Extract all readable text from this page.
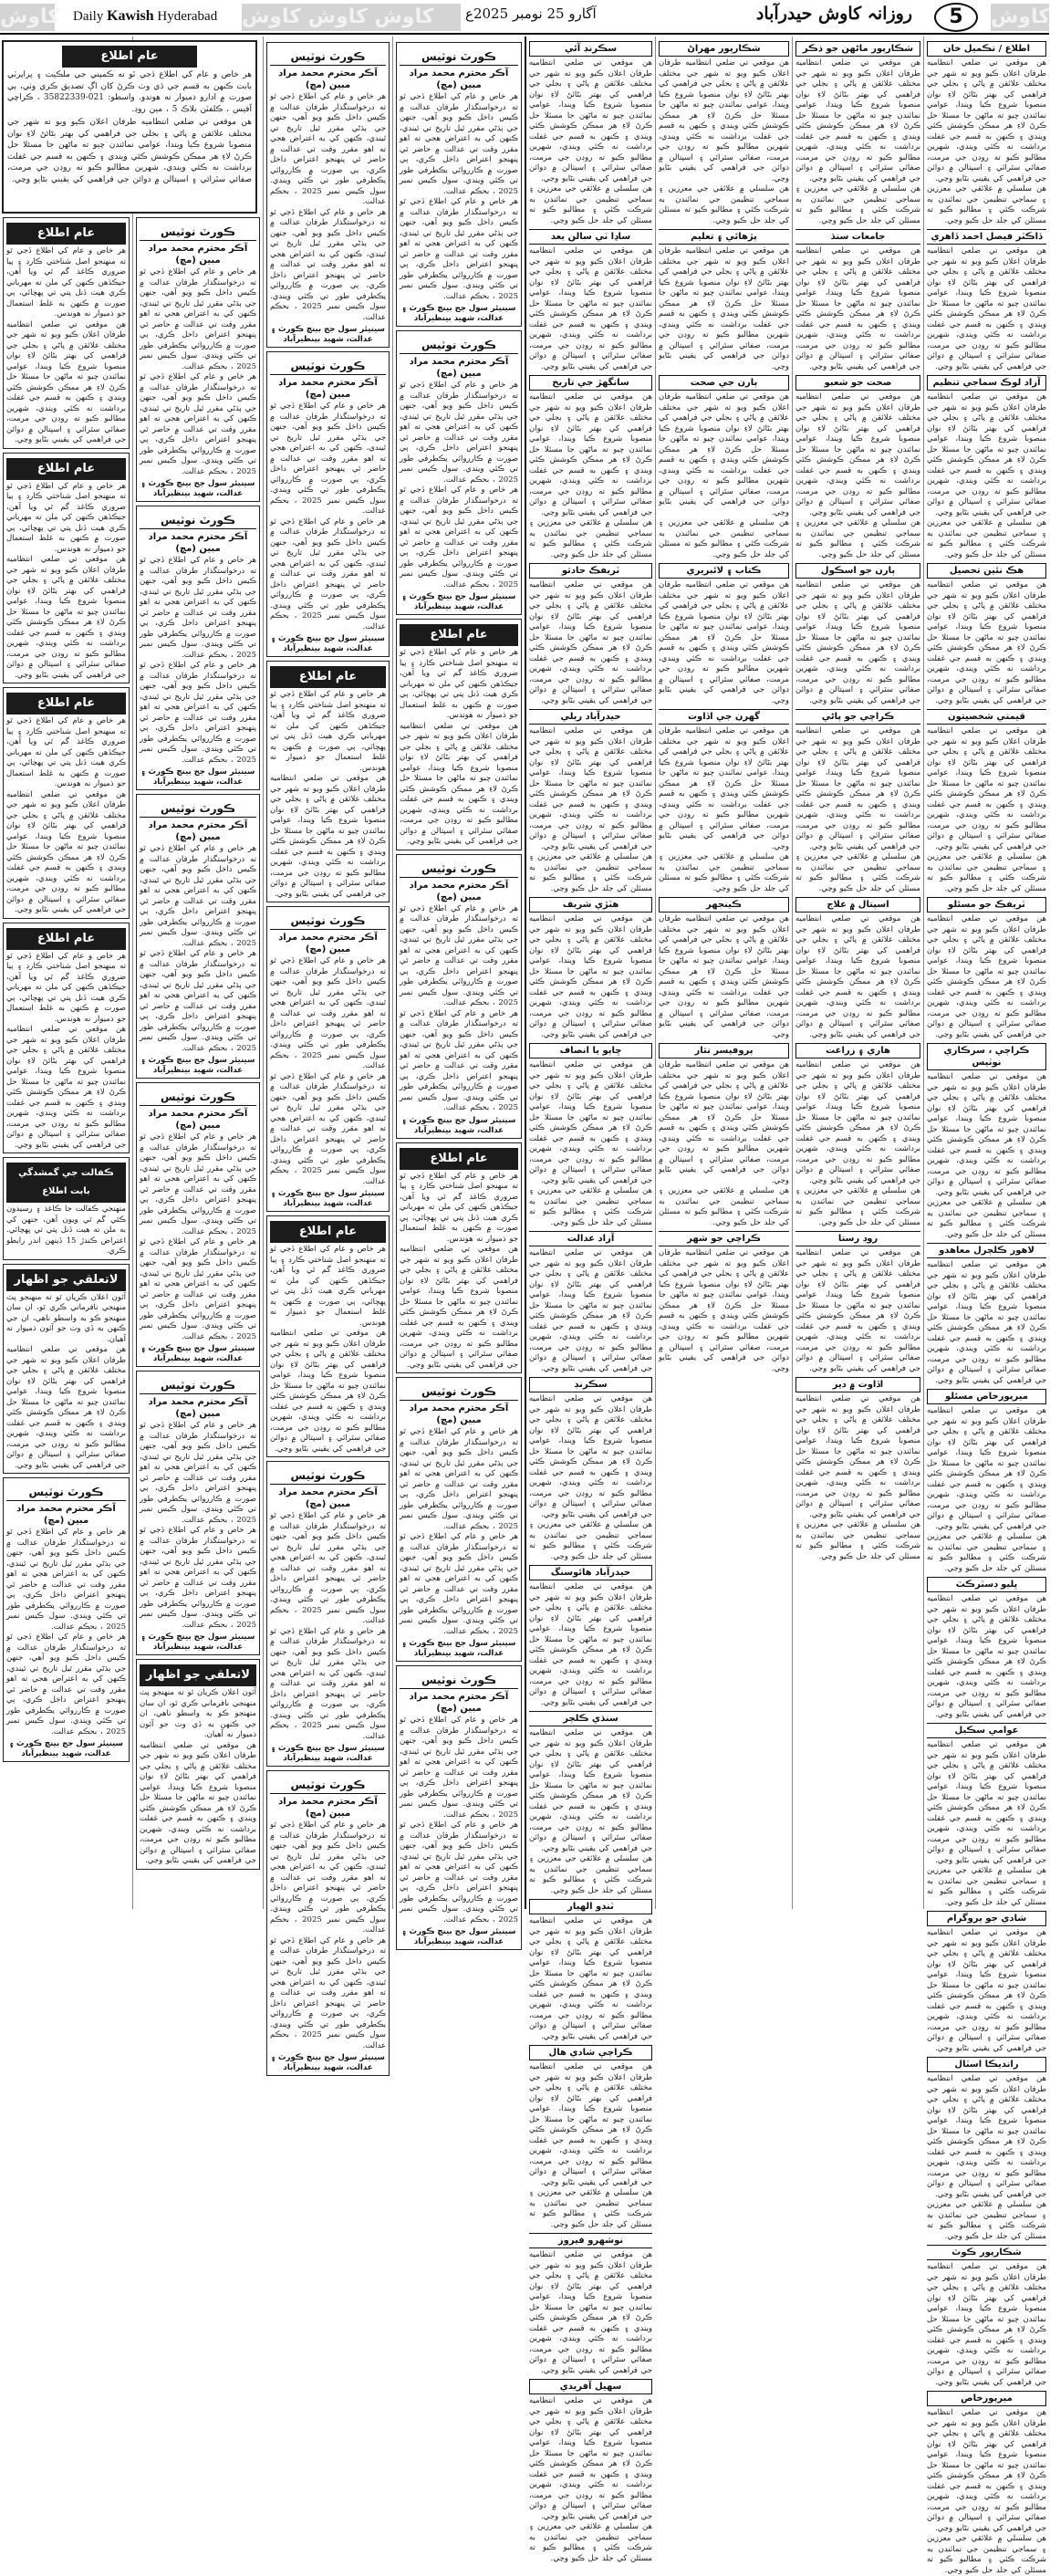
کاوش Daily Kawish Hyderabad	کاوش کاوش کاوش	آگارو 25 نومبر 2025ع	روزانہ کاوش حیدرآباد	5	کاوش
اطلاع / تڪميل خان
هن موقعي تي ضلعي انتظاميه طرفان اعلان ڪيو ويو ته شهر جي مختلف علائقن ۾ پاڻي ۽ بجلي جي فراهمي کي بهتر بڻائڻ لاءِ نوان منصوبا شروع ڪيا ويندا، عوامي نمائندن چيو ته ماڻهن جا مسئلا حل ڪرڻ لاءِ هر ممڪن ڪوشش ڪئي ويندي ۽ ڪنهن به قسم جي غفلت برداشت نه ڪئي ويندي، شهرين مطالبو ڪيو ته روڊن جي مرمت، صفائي سٿرائي ۽ اسپتالن ۾ دوائن جي فراهمي کي يقيني بڻايو وڃي.
هن سلسلي ۾ علائقي جي معززين ۽ سماجي تنظيمن جي نمائندن به شرڪت ڪئي ۽ مطالبو ڪيو ته مسئلن کي جلد حل ڪيو وڃي.
ڏاڪٽر فيصل احمد ڏاهري
هن موقعي تي ضلعي انتظاميه طرفان اعلان ڪيو ويو ته شهر جي مختلف علائقن ۾ پاڻي ۽ بجلي جي فراهمي کي بهتر بڻائڻ لاءِ نوان منصوبا شروع ڪيا ويندا، عوامي نمائندن چيو ته ماڻهن جا مسئلا حل ڪرڻ لاءِ هر ممڪن ڪوشش ڪئي ويندي ۽ ڪنهن به قسم جي غفلت برداشت نه ڪئي ويندي، شهرين مطالبو ڪيو ته روڊن جي مرمت، صفائي سٿرائي ۽ اسپتالن ۾ دوائن جي فراهمي کي يقيني بڻايو وڃي.
آزاد لوڪ سماجي تنظيم
هن موقعي تي ضلعي انتظاميه طرفان اعلان ڪيو ويو ته شهر جي مختلف علائقن ۾ پاڻي ۽ بجلي جي فراهمي کي بهتر بڻائڻ لاءِ نوان منصوبا شروع ڪيا ويندا، عوامي نمائندن چيو ته ماڻهن جا مسئلا حل ڪرڻ لاءِ هر ممڪن ڪوشش ڪئي ويندي ۽ ڪنهن به قسم جي غفلت برداشت نه ڪئي ويندي، شهرين مطالبو ڪيو ته روڊن جي مرمت، صفائي سٿرائي ۽ اسپتالن ۾ دوائن جي فراهمي کي يقيني بڻايو وڃي.
هن سلسلي ۾ علائقي جي معززين ۽ سماجي تنظيمن جي نمائندن به شرڪت ڪئي ۽ مطالبو ڪيو ته مسئلن کي جلد حل ڪيو وڃي.
هڪ نئين تحصيل
هن موقعي تي ضلعي انتظاميه طرفان اعلان ڪيو ويو ته شهر جي مختلف علائقن ۾ پاڻي ۽ بجلي جي فراهمي کي بهتر بڻائڻ لاءِ نوان منصوبا شروع ڪيا ويندا، عوامي نمائندن چيو ته ماڻهن جا مسئلا حل ڪرڻ لاءِ هر ممڪن ڪوشش ڪئي ويندي ۽ ڪنهن به قسم جي غفلت برداشت نه ڪئي ويندي، شهرين مطالبو ڪيو ته روڊن جي مرمت، صفائي سٿرائي ۽ اسپتالن ۾ دوائن جي فراهمي کي يقيني بڻايو وڃي.
قيمتي شخصيتون
هن موقعي تي ضلعي انتظاميه طرفان اعلان ڪيو ويو ته شهر جي مختلف علائقن ۾ پاڻي ۽ بجلي جي فراهمي کي بهتر بڻائڻ لاءِ نوان منصوبا شروع ڪيا ويندا، عوامي نمائندن چيو ته ماڻهن جا مسئلا حل ڪرڻ لاءِ هر ممڪن ڪوشش ڪئي ويندي ۽ ڪنهن به قسم جي غفلت برداشت نه ڪئي ويندي، شهرين مطالبو ڪيو ته روڊن جي مرمت، صفائي سٿرائي ۽ اسپتالن ۾ دوائن جي فراهمي کي يقيني بڻايو وڃي.
هن سلسلي ۾ علائقي جي معززين ۽ سماجي تنظيمن جي نمائندن به شرڪت ڪئي ۽ مطالبو ڪيو ته مسئلن کي جلد حل ڪيو وڃي.
ٽريفڪ جو مسئلو
هن موقعي تي ضلعي انتظاميه طرفان اعلان ڪيو ويو ته شهر جي مختلف علائقن ۾ پاڻي ۽ بجلي جي فراهمي کي بهتر بڻائڻ لاءِ نوان منصوبا شروع ڪيا ويندا، عوامي نمائندن چيو ته ماڻهن جا مسئلا حل ڪرڻ لاءِ هر ممڪن ڪوشش ڪئي ويندي ۽ ڪنهن به قسم جي غفلت برداشت نه ڪئي ويندي، شهرين مطالبو ڪيو ته روڊن جي مرمت، صفائي سٿرائي ۽ اسپتالن ۾ دوائن جي فراهمي کي يقيني بڻايو وڃي.
ڪراچي ، سرڪاري نوٽيس
هن موقعي تي ضلعي انتظاميه طرفان اعلان ڪيو ويو ته شهر جي مختلف علائقن ۾ پاڻي ۽ بجلي جي فراهمي کي بهتر بڻائڻ لاءِ نوان منصوبا شروع ڪيا ويندا، عوامي نمائندن چيو ته ماڻهن جا مسئلا حل ڪرڻ لاءِ هر ممڪن ڪوشش ڪئي ويندي ۽ ڪنهن به قسم جي غفلت برداشت نه ڪئي ويندي، شهرين مطالبو ڪيو ته روڊن جي مرمت، صفائي سٿرائي ۽ اسپتالن ۾ دوائن جي فراهمي کي يقيني بڻايو وڃي.
هن سلسلي ۾ علائقي جي معززين ۽ سماجي تنظيمن جي نمائندن به شرڪت ڪئي ۽ مطالبو ڪيو ته مسئلن کي جلد حل ڪيو وڃي.
لاهور ڪلچرل معاهدو
هن موقعي تي ضلعي انتظاميه طرفان اعلان ڪيو ويو ته شهر جي مختلف علائقن ۾ پاڻي ۽ بجلي جي فراهمي کي بهتر بڻائڻ لاءِ نوان منصوبا شروع ڪيا ويندا، عوامي نمائندن چيو ته ماڻهن جا مسئلا حل ڪرڻ لاءِ هر ممڪن ڪوشش ڪئي ويندي ۽ ڪنهن به قسم جي غفلت برداشت نه ڪئي ويندي، شهرين مطالبو ڪيو ته روڊن جي مرمت، صفائي سٿرائي ۽ اسپتالن ۾ دوائن جي فراهمي کي يقيني بڻايو وڃي.
ميرپورخاص مسئلو
هن موقعي تي ضلعي انتظاميه طرفان اعلان ڪيو ويو ته شهر جي مختلف علائقن ۾ پاڻي ۽ بجلي جي فراهمي کي بهتر بڻائڻ لاءِ نوان منصوبا شروع ڪيا ويندا، عوامي نمائندن چيو ته ماڻهن جا مسئلا حل ڪرڻ لاءِ هر ممڪن ڪوشش ڪئي ويندي ۽ ڪنهن به قسم جي غفلت برداشت نه ڪئي ويندي، شهرين مطالبو ڪيو ته روڊن جي مرمت، صفائي سٿرائي ۽ اسپتالن ۾ دوائن جي فراهمي کي يقيني بڻايو وڃي.
هن سلسلي ۾ علائقي جي معززين ۽ سماجي تنظيمن جي نمائندن به شرڪت ڪئي ۽ مطالبو ڪيو ته مسئلن کي جلد حل ڪيو وڃي.
ڀليو ڊسٽرڪٽ
هن موقعي تي ضلعي انتظاميه طرفان اعلان ڪيو ويو ته شهر جي مختلف علائقن ۾ پاڻي ۽ بجلي جي فراهمي کي بهتر بڻائڻ لاءِ نوان منصوبا شروع ڪيا ويندا، عوامي نمائندن چيو ته ماڻهن جا مسئلا حل ڪرڻ لاءِ هر ممڪن ڪوشش ڪئي ويندي ۽ ڪنهن به قسم جي غفلت برداشت نه ڪئي ويندي، شهرين مطالبو ڪيو ته روڊن جي مرمت، صفائي سٿرائي ۽ اسپتالن ۾ دوائن جي فراهمي کي يقيني بڻايو وڃي.
عوامي سڪيل
هن موقعي تي ضلعي انتظاميه طرفان اعلان ڪيو ويو ته شهر جي مختلف علائقن ۾ پاڻي ۽ بجلي جي فراهمي کي بهتر بڻائڻ لاءِ نوان منصوبا شروع ڪيا ويندا، عوامي نمائندن چيو ته ماڻهن جا مسئلا حل ڪرڻ لاءِ هر ممڪن ڪوشش ڪئي ويندي ۽ ڪنهن به قسم جي غفلت برداشت نه ڪئي ويندي، شهرين مطالبو ڪيو ته روڊن جي مرمت، صفائي سٿرائي ۽ اسپتالن ۾ دوائن جي فراهمي کي يقيني بڻايو وڃي.
هن سلسلي ۾ علائقي جي معززين ۽ سماجي تنظيمن جي نمائندن به شرڪت ڪئي ۽ مطالبو ڪيو ته مسئلن کي جلد حل ڪيو وڃي.
شادي جو پروگرام
هن موقعي تي ضلعي انتظاميه طرفان اعلان ڪيو ويو ته شهر جي مختلف علائقن ۾ پاڻي ۽ بجلي جي فراهمي کي بهتر بڻائڻ لاءِ نوان منصوبا شروع ڪيا ويندا، عوامي نمائندن چيو ته ماڻهن جا مسئلا حل ڪرڻ لاءِ هر ممڪن ڪوشش ڪئي ويندي ۽ ڪنهن به قسم جي غفلت برداشت نه ڪئي ويندي، شهرين مطالبو ڪيو ته روڊن جي مرمت، صفائي سٿرائي ۽ اسپتالن ۾ دوائن جي فراهمي کي يقيني بڻايو وڃي.
رانديڪا اسٽال
هن موقعي تي ضلعي انتظاميه طرفان اعلان ڪيو ويو ته شهر جي مختلف علائقن ۾ پاڻي ۽ بجلي جي فراهمي کي بهتر بڻائڻ لاءِ نوان منصوبا شروع ڪيا ويندا، عوامي نمائندن چيو ته ماڻهن جا مسئلا حل ڪرڻ لاءِ هر ممڪن ڪوشش ڪئي ويندي ۽ ڪنهن به قسم جي غفلت برداشت نه ڪئي ويندي، شهرين مطالبو ڪيو ته روڊن جي مرمت، صفائي سٿرائي ۽ اسپتالن ۾ دوائن جي فراهمي کي يقيني بڻايو وڃي.
هن سلسلي ۾ علائقي جي معززين ۽ سماجي تنظيمن جي نمائندن به شرڪت ڪئي ۽ مطالبو ڪيو ته مسئلن کي جلد حل ڪيو وڃي.
شڪارپور ڪوٽ
هن موقعي تي ضلعي انتظاميه طرفان اعلان ڪيو ويو ته شهر جي مختلف علائقن ۾ پاڻي ۽ بجلي جي فراهمي کي بهتر بڻائڻ لاءِ نوان منصوبا شروع ڪيا ويندا، عوامي نمائندن چيو ته ماڻهن جا مسئلا حل ڪرڻ لاءِ هر ممڪن ڪوشش ڪئي ويندي ۽ ڪنهن به قسم جي غفلت برداشت نه ڪئي ويندي، شهرين مطالبو ڪيو ته روڊن جي مرمت، صفائي سٿرائي ۽ اسپتالن ۾ دوائن جي فراهمي کي يقيني بڻايو وڃي.
ميرپورخاص
هن موقعي تي ضلعي انتظاميه طرفان اعلان ڪيو ويو ته شهر جي مختلف علائقن ۾ پاڻي ۽ بجلي جي فراهمي کي بهتر بڻائڻ لاءِ نوان منصوبا شروع ڪيا ويندا، عوامي نمائندن چيو ته ماڻهن جا مسئلا حل ڪرڻ لاءِ هر ممڪن ڪوشش ڪئي ويندي ۽ ڪنهن به قسم جي غفلت برداشت نه ڪئي ويندي، شهرين مطالبو ڪيو ته روڊن جي مرمت، صفائي سٿرائي ۽ اسپتالن ۾ دوائن جي فراهمي کي يقيني بڻايو وڃي.
هن سلسلي ۾ علائقي جي معززين ۽ سماجي تنظيمن جي نمائندن به شرڪت ڪئي ۽ مطالبو ڪيو ته مسئلن کي جلد حل ڪيو وڃي.
شڪارپور ماڻهن جو ذڪر
هن موقعي تي ضلعي انتظاميه طرفان اعلان ڪيو ويو ته شهر جي مختلف علائقن ۾ پاڻي ۽ بجلي جي فراهمي کي بهتر بڻائڻ لاءِ نوان منصوبا شروع ڪيا ويندا، عوامي نمائندن چيو ته ماڻهن جا مسئلا حل ڪرڻ لاءِ هر ممڪن ڪوشش ڪئي ويندي ۽ ڪنهن به قسم جي غفلت برداشت نه ڪئي ويندي، شهرين مطالبو ڪيو ته روڊن جي مرمت، صفائي سٿرائي ۽ اسپتالن ۾ دوائن جي فراهمي کي يقيني بڻايو وڃي.
هن سلسلي ۾ علائقي جي معززين ۽ سماجي تنظيمن جي نمائندن به شرڪت ڪئي ۽ مطالبو ڪيو ته مسئلن کي جلد حل ڪيو وڃي.
جامعات سنڌ
هن موقعي تي ضلعي انتظاميه طرفان اعلان ڪيو ويو ته شهر جي مختلف علائقن ۾ پاڻي ۽ بجلي جي فراهمي کي بهتر بڻائڻ لاءِ نوان منصوبا شروع ڪيا ويندا، عوامي نمائندن چيو ته ماڻهن جا مسئلا حل ڪرڻ لاءِ هر ممڪن ڪوشش ڪئي ويندي ۽ ڪنهن به قسم جي غفلت برداشت نه ڪئي ويندي، شهرين مطالبو ڪيو ته روڊن جي مرمت، صفائي سٿرائي ۽ اسپتالن ۾ دوائن جي فراهمي کي يقيني بڻايو وڃي.
صحت جو شعبو
هن موقعي تي ضلعي انتظاميه طرفان اعلان ڪيو ويو ته شهر جي مختلف علائقن ۾ پاڻي ۽ بجلي جي فراهمي کي بهتر بڻائڻ لاءِ نوان منصوبا شروع ڪيا ويندا، عوامي نمائندن چيو ته ماڻهن جا مسئلا حل ڪرڻ لاءِ هر ممڪن ڪوشش ڪئي ويندي ۽ ڪنهن به قسم جي غفلت برداشت نه ڪئي ويندي، شهرين مطالبو ڪيو ته روڊن جي مرمت، صفائي سٿرائي ۽ اسپتالن ۾ دوائن جي فراهمي کي يقيني بڻايو وڃي.
هن سلسلي ۾ علائقي جي معززين ۽ سماجي تنظيمن جي نمائندن به شرڪت ڪئي ۽ مطالبو ڪيو ته مسئلن کي جلد حل ڪيو وڃي.
ٻارن جو اسڪول
هن موقعي تي ضلعي انتظاميه طرفان اعلان ڪيو ويو ته شهر جي مختلف علائقن ۾ پاڻي ۽ بجلي جي فراهمي کي بهتر بڻائڻ لاءِ نوان منصوبا شروع ڪيا ويندا، عوامي نمائندن چيو ته ماڻهن جا مسئلا حل ڪرڻ لاءِ هر ممڪن ڪوشش ڪئي ويندي ۽ ڪنهن به قسم جي غفلت برداشت نه ڪئي ويندي، شهرين مطالبو ڪيو ته روڊن جي مرمت، صفائي سٿرائي ۽ اسپتالن ۾ دوائن جي فراهمي کي يقيني بڻايو وڃي.
ڪراچي جو پاڻي
هن موقعي تي ضلعي انتظاميه طرفان اعلان ڪيو ويو ته شهر جي مختلف علائقن ۾ پاڻي ۽ بجلي جي فراهمي کي بهتر بڻائڻ لاءِ نوان منصوبا شروع ڪيا ويندا، عوامي نمائندن چيو ته ماڻهن جا مسئلا حل ڪرڻ لاءِ هر ممڪن ڪوشش ڪئي ويندي ۽ ڪنهن به قسم جي غفلت برداشت نه ڪئي ويندي، شهرين مطالبو ڪيو ته روڊن جي مرمت، صفائي سٿرائي ۽ اسپتالن ۾ دوائن جي فراهمي کي يقيني بڻايو وڃي.
هن سلسلي ۾ علائقي جي معززين ۽ سماجي تنظيمن جي نمائندن به شرڪت ڪئي ۽ مطالبو ڪيو ته مسئلن کي جلد حل ڪيو وڃي.
اسپتال ۾ علاج
هن موقعي تي ضلعي انتظاميه طرفان اعلان ڪيو ويو ته شهر جي مختلف علائقن ۾ پاڻي ۽ بجلي جي فراهمي کي بهتر بڻائڻ لاءِ نوان منصوبا شروع ڪيا ويندا، عوامي نمائندن چيو ته ماڻهن جا مسئلا حل ڪرڻ لاءِ هر ممڪن ڪوشش ڪئي ويندي ۽ ڪنهن به قسم جي غفلت برداشت نه ڪئي ويندي، شهرين مطالبو ڪيو ته روڊن جي مرمت، صفائي سٿرائي ۽ اسپتالن ۾ دوائن جي فراهمي کي يقيني بڻايو وڃي.
هاري ۽ زراعت
هن موقعي تي ضلعي انتظاميه طرفان اعلان ڪيو ويو ته شهر جي مختلف علائقن ۾ پاڻي ۽ بجلي جي فراهمي کي بهتر بڻائڻ لاءِ نوان منصوبا شروع ڪيا ويندا، عوامي نمائندن چيو ته ماڻهن جا مسئلا حل ڪرڻ لاءِ هر ممڪن ڪوشش ڪئي ويندي ۽ ڪنهن به قسم جي غفلت برداشت نه ڪئي ويندي، شهرين مطالبو ڪيو ته روڊن جي مرمت، صفائي سٿرائي ۽ اسپتالن ۾ دوائن جي فراهمي کي يقيني بڻايو وڃي.
هن سلسلي ۾ علائقي جي معززين ۽ سماجي تنظيمن جي نمائندن به شرڪت ڪئي ۽ مطالبو ڪيو ته مسئلن کي جلد حل ڪيو وڃي.
روڊ رستا
هن موقعي تي ضلعي انتظاميه طرفان اعلان ڪيو ويو ته شهر جي مختلف علائقن ۾ پاڻي ۽ بجلي جي فراهمي کي بهتر بڻائڻ لاءِ نوان منصوبا شروع ڪيا ويندا، عوامي نمائندن چيو ته ماڻهن جا مسئلا حل ڪرڻ لاءِ هر ممڪن ڪوشش ڪئي ويندي ۽ ڪنهن به قسم جي غفلت برداشت نه ڪئي ويندي، شهرين مطالبو ڪيو ته روڊن جي مرمت، صفائي سٿرائي ۽ اسپتالن ۾ دوائن جي فراهمي کي يقيني بڻايو وڃي.
اڏاوت ۾ دير
هن موقعي تي ضلعي انتظاميه طرفان اعلان ڪيو ويو ته شهر جي مختلف علائقن ۾ پاڻي ۽ بجلي جي فراهمي کي بهتر بڻائڻ لاءِ نوان منصوبا شروع ڪيا ويندا، عوامي نمائندن چيو ته ماڻهن جا مسئلا حل ڪرڻ لاءِ هر ممڪن ڪوشش ڪئي ويندي ۽ ڪنهن به قسم جي غفلت برداشت نه ڪئي ويندي، شهرين مطالبو ڪيو ته روڊن جي مرمت، صفائي سٿرائي ۽ اسپتالن ۾ دوائن جي فراهمي کي يقيني بڻايو وڃي.
هن سلسلي ۾ علائقي جي معززين ۽ سماجي تنظيمن جي نمائندن به شرڪت ڪئي ۽ مطالبو ڪيو ته مسئلن کي جلد حل ڪيو وڃي.
شڪارپور مهراڻ
هن موقعي تي ضلعي انتظاميه طرفان اعلان ڪيو ويو ته شهر جي مختلف علائقن ۾ پاڻي ۽ بجلي جي فراهمي کي بهتر بڻائڻ لاءِ نوان منصوبا شروع ڪيا ويندا، عوامي نمائندن چيو ته ماڻهن جا مسئلا حل ڪرڻ لاءِ هر ممڪن ڪوشش ڪئي ويندي ۽ ڪنهن به قسم جي غفلت برداشت نه ڪئي ويندي، شهرين مطالبو ڪيو ته روڊن جي مرمت، صفائي سٿرائي ۽ اسپتالن ۾ دوائن جي فراهمي کي يقيني بڻايو وڃي.
هن سلسلي ۾ علائقي جي معززين ۽ سماجي تنظيمن جي نمائندن به شرڪت ڪئي ۽ مطالبو ڪيو ته مسئلن کي جلد حل ڪيو وڃي.
پڙهائي ۽ تعليم
هن موقعي تي ضلعي انتظاميه طرفان اعلان ڪيو ويو ته شهر جي مختلف علائقن ۾ پاڻي ۽ بجلي جي فراهمي کي بهتر بڻائڻ لاءِ نوان منصوبا شروع ڪيا ويندا، عوامي نمائندن چيو ته ماڻهن جا مسئلا حل ڪرڻ لاءِ هر ممڪن ڪوشش ڪئي ويندي ۽ ڪنهن به قسم جي غفلت برداشت نه ڪئي ويندي، شهرين مطالبو ڪيو ته روڊن جي مرمت، صفائي سٿرائي ۽ اسپتالن ۾ دوائن جي فراهمي کي يقيني بڻايو وڃي.
ٻارن جي صحت
هن موقعي تي ضلعي انتظاميه طرفان اعلان ڪيو ويو ته شهر جي مختلف علائقن ۾ پاڻي ۽ بجلي جي فراهمي کي بهتر بڻائڻ لاءِ نوان منصوبا شروع ڪيا ويندا، عوامي نمائندن چيو ته ماڻهن جا مسئلا حل ڪرڻ لاءِ هر ممڪن ڪوشش ڪئي ويندي ۽ ڪنهن به قسم جي غفلت برداشت نه ڪئي ويندي، شهرين مطالبو ڪيو ته روڊن جي مرمت، صفائي سٿرائي ۽ اسپتالن ۾ دوائن جي فراهمي کي يقيني بڻايو وڃي.
هن سلسلي ۾ علائقي جي معززين ۽ سماجي تنظيمن جي نمائندن به شرڪت ڪئي ۽ مطالبو ڪيو ته مسئلن کي جلد حل ڪيو وڃي.
ڪتاب ۽ لائبريري
هن موقعي تي ضلعي انتظاميه طرفان اعلان ڪيو ويو ته شهر جي مختلف علائقن ۾ پاڻي ۽ بجلي جي فراهمي کي بهتر بڻائڻ لاءِ نوان منصوبا شروع ڪيا ويندا، عوامي نمائندن چيو ته ماڻهن جا مسئلا حل ڪرڻ لاءِ هر ممڪن ڪوشش ڪئي ويندي ۽ ڪنهن به قسم جي غفلت برداشت نه ڪئي ويندي، شهرين مطالبو ڪيو ته روڊن جي مرمت، صفائي سٿرائي ۽ اسپتالن ۾ دوائن جي فراهمي کي يقيني بڻايو وڃي.
گهرن جي اڏاوت
هن موقعي تي ضلعي انتظاميه طرفان اعلان ڪيو ويو ته شهر جي مختلف علائقن ۾ پاڻي ۽ بجلي جي فراهمي کي بهتر بڻائڻ لاءِ نوان منصوبا شروع ڪيا ويندا، عوامي نمائندن چيو ته ماڻهن جا مسئلا حل ڪرڻ لاءِ هر ممڪن ڪوشش ڪئي ويندي ۽ ڪنهن به قسم جي غفلت برداشت نه ڪئي ويندي، شهرين مطالبو ڪيو ته روڊن جي مرمت، صفائي سٿرائي ۽ اسپتالن ۾ دوائن جي فراهمي کي يقيني بڻايو وڃي.
هن سلسلي ۾ علائقي جي معززين ۽ سماجي تنظيمن جي نمائندن به شرڪت ڪئي ۽ مطالبو ڪيو ته مسئلن کي جلد حل ڪيو وڃي.
ڪينجهر
هن موقعي تي ضلعي انتظاميه طرفان اعلان ڪيو ويو ته شهر جي مختلف علائقن ۾ پاڻي ۽ بجلي جي فراهمي کي بهتر بڻائڻ لاءِ نوان منصوبا شروع ڪيا ويندا، عوامي نمائندن چيو ته ماڻهن جا مسئلا حل ڪرڻ لاءِ هر ممڪن ڪوشش ڪئي ويندي ۽ ڪنهن به قسم جي غفلت برداشت نه ڪئي ويندي، شهرين مطالبو ڪيو ته روڊن جي مرمت، صفائي سٿرائي ۽ اسپتالن ۾ دوائن جي فراهمي کي يقيني بڻايو وڃي.
پروفيسر نثار
هن موقعي تي ضلعي انتظاميه طرفان اعلان ڪيو ويو ته شهر جي مختلف علائقن ۾ پاڻي ۽ بجلي جي فراهمي کي بهتر بڻائڻ لاءِ نوان منصوبا شروع ڪيا ويندا، عوامي نمائندن چيو ته ماڻهن جا مسئلا حل ڪرڻ لاءِ هر ممڪن ڪوشش ڪئي ويندي ۽ ڪنهن به قسم جي غفلت برداشت نه ڪئي ويندي، شهرين مطالبو ڪيو ته روڊن جي مرمت، صفائي سٿرائي ۽ اسپتالن ۾ دوائن جي فراهمي کي يقيني بڻايو وڃي.
هن سلسلي ۾ علائقي جي معززين ۽ سماجي تنظيمن جي نمائندن به شرڪت ڪئي ۽ مطالبو ڪيو ته مسئلن کي جلد حل ڪيو وڃي.
ڪراچي جو شهر
هن موقعي تي ضلعي انتظاميه طرفان اعلان ڪيو ويو ته شهر جي مختلف علائقن ۾ پاڻي ۽ بجلي جي فراهمي کي بهتر بڻائڻ لاءِ نوان منصوبا شروع ڪيا ويندا، عوامي نمائندن چيو ته ماڻهن جا مسئلا حل ڪرڻ لاءِ هر ممڪن ڪوشش ڪئي ويندي ۽ ڪنهن به قسم جي غفلت برداشت نه ڪئي ويندي، شهرين مطالبو ڪيو ته روڊن جي مرمت، صفائي سٿرائي ۽ اسپتالن ۾ دوائن جي فراهمي کي يقيني بڻايو وڃي.
سڪرنڊ آئي
هن موقعي تي ضلعي انتظاميه طرفان اعلان ڪيو ويو ته شهر جي مختلف علائقن ۾ پاڻي ۽ بجلي جي فراهمي کي بهتر بڻائڻ لاءِ نوان منصوبا شروع ڪيا ويندا، عوامي نمائندن چيو ته ماڻهن جا مسئلا حل ڪرڻ لاءِ هر ممڪن ڪوشش ڪئي ويندي ۽ ڪنهن به قسم جي غفلت برداشت نه ڪئي ويندي، شهرين مطالبو ڪيو ته روڊن جي مرمت، صفائي سٿرائي ۽ اسپتالن ۾ دوائن جي فراهمي کي يقيني بڻايو وڃي.
هن سلسلي ۾ علائقي جي معززين ۽ سماجي تنظيمن جي نمائندن به شرڪت ڪئي ۽ مطالبو ڪيو ته مسئلن کي جلد حل ڪيو وڃي.
ساڍا ٽي سالن بعد
هن موقعي تي ضلعي انتظاميه طرفان اعلان ڪيو ويو ته شهر جي مختلف علائقن ۾ پاڻي ۽ بجلي جي فراهمي کي بهتر بڻائڻ لاءِ نوان منصوبا شروع ڪيا ويندا، عوامي نمائندن چيو ته ماڻهن جا مسئلا حل ڪرڻ لاءِ هر ممڪن ڪوشش ڪئي ويندي ۽ ڪنهن به قسم جي غفلت برداشت نه ڪئي ويندي، شهرين مطالبو ڪيو ته روڊن جي مرمت، صفائي سٿرائي ۽ اسپتالن ۾ دوائن جي فراهمي کي يقيني بڻايو وڃي.
سانگهڙ جي تاريخ
هن موقعي تي ضلعي انتظاميه طرفان اعلان ڪيو ويو ته شهر جي مختلف علائقن ۾ پاڻي ۽ بجلي جي فراهمي کي بهتر بڻائڻ لاءِ نوان منصوبا شروع ڪيا ويندا، عوامي نمائندن چيو ته ماڻهن جا مسئلا حل ڪرڻ لاءِ هر ممڪن ڪوشش ڪئي ويندي ۽ ڪنهن به قسم جي غفلت برداشت نه ڪئي ويندي، شهرين مطالبو ڪيو ته روڊن جي مرمت، صفائي سٿرائي ۽ اسپتالن ۾ دوائن جي فراهمي کي يقيني بڻايو وڃي.
هن سلسلي ۾ علائقي جي معززين ۽ سماجي تنظيمن جي نمائندن به شرڪت ڪئي ۽ مطالبو ڪيو ته مسئلن کي جلد حل ڪيو وڃي.
ٽريفڪ حادثو
هن موقعي تي ضلعي انتظاميه طرفان اعلان ڪيو ويو ته شهر جي مختلف علائقن ۾ پاڻي ۽ بجلي جي فراهمي کي بهتر بڻائڻ لاءِ نوان منصوبا شروع ڪيا ويندا، عوامي نمائندن چيو ته ماڻهن جا مسئلا حل ڪرڻ لاءِ هر ممڪن ڪوشش ڪئي ويندي ۽ ڪنهن به قسم جي غفلت برداشت نه ڪئي ويندي، شهرين مطالبو ڪيو ته روڊن جي مرمت، صفائي سٿرائي ۽ اسپتالن ۾ دوائن جي فراهمي کي يقيني بڻايو وڃي.
حيدرآباد ريلي
هن موقعي تي ضلعي انتظاميه طرفان اعلان ڪيو ويو ته شهر جي مختلف علائقن ۾ پاڻي ۽ بجلي جي فراهمي کي بهتر بڻائڻ لاءِ نوان منصوبا شروع ڪيا ويندا، عوامي نمائندن چيو ته ماڻهن جا مسئلا حل ڪرڻ لاءِ هر ممڪن ڪوشش ڪئي ويندي ۽ ڪنهن به قسم جي غفلت برداشت نه ڪئي ويندي، شهرين مطالبو ڪيو ته روڊن جي مرمت، صفائي سٿرائي ۽ اسپتالن ۾ دوائن جي فراهمي کي يقيني بڻايو وڃي.
هن سلسلي ۾ علائقي جي معززين ۽ سماجي تنظيمن جي نمائندن به شرڪت ڪئي ۽ مطالبو ڪيو ته مسئلن کي جلد حل ڪيو وڃي.
هٽڙي شريف
هن موقعي تي ضلعي انتظاميه طرفان اعلان ڪيو ويو ته شهر جي مختلف علائقن ۾ پاڻي ۽ بجلي جي فراهمي کي بهتر بڻائڻ لاءِ نوان منصوبا شروع ڪيا ويندا، عوامي نمائندن چيو ته ماڻهن جا مسئلا حل ڪرڻ لاءِ هر ممڪن ڪوشش ڪئي ويندي ۽ ڪنهن به قسم جي غفلت برداشت نه ڪئي ويندي، شهرين مطالبو ڪيو ته روڊن جي مرمت، صفائي سٿرائي ۽ اسپتالن ۾ دوائن جي فراهمي کي يقيني بڻايو وڃي.
ڇاپو يا انصاف
هن موقعي تي ضلعي انتظاميه طرفان اعلان ڪيو ويو ته شهر جي مختلف علائقن ۾ پاڻي ۽ بجلي جي فراهمي کي بهتر بڻائڻ لاءِ نوان منصوبا شروع ڪيا ويندا، عوامي نمائندن چيو ته ماڻهن جا مسئلا حل ڪرڻ لاءِ هر ممڪن ڪوشش ڪئي ويندي ۽ ڪنهن به قسم جي غفلت برداشت نه ڪئي ويندي، شهرين مطالبو ڪيو ته روڊن جي مرمت، صفائي سٿرائي ۽ اسپتالن ۾ دوائن جي فراهمي کي يقيني بڻايو وڃي.
هن سلسلي ۾ علائقي جي معززين ۽ سماجي تنظيمن جي نمائندن به شرڪت ڪئي ۽ مطالبو ڪيو ته مسئلن کي جلد حل ڪيو وڃي.
آزاد عدالت
هن موقعي تي ضلعي انتظاميه طرفان اعلان ڪيو ويو ته شهر جي مختلف علائقن ۾ پاڻي ۽ بجلي جي فراهمي کي بهتر بڻائڻ لاءِ نوان منصوبا شروع ڪيا ويندا، عوامي نمائندن چيو ته ماڻهن جا مسئلا حل ڪرڻ لاءِ هر ممڪن ڪوشش ڪئي ويندي ۽ ڪنهن به قسم جي غفلت برداشت نه ڪئي ويندي، شهرين مطالبو ڪيو ته روڊن جي مرمت، صفائي سٿرائي ۽ اسپتالن ۾ دوائن جي فراهمي کي يقيني بڻايو وڃي.
سڪرنڊ
هن موقعي تي ضلعي انتظاميه طرفان اعلان ڪيو ويو ته شهر جي مختلف علائقن ۾ پاڻي ۽ بجلي جي فراهمي کي بهتر بڻائڻ لاءِ نوان منصوبا شروع ڪيا ويندا، عوامي نمائندن چيو ته ماڻهن جا مسئلا حل ڪرڻ لاءِ هر ممڪن ڪوشش ڪئي ويندي ۽ ڪنهن به قسم جي غفلت برداشت نه ڪئي ويندي، شهرين مطالبو ڪيو ته روڊن جي مرمت، صفائي سٿرائي ۽ اسپتالن ۾ دوائن جي فراهمي کي يقيني بڻايو وڃي.
هن سلسلي ۾ علائقي جي معززين ۽ سماجي تنظيمن جي نمائندن به شرڪت ڪئي ۽ مطالبو ڪيو ته مسئلن کي جلد حل ڪيو وڃي.
حيدرآباد هائوسنگ
هن موقعي تي ضلعي انتظاميه طرفان اعلان ڪيو ويو ته شهر جي مختلف علائقن ۾ پاڻي ۽ بجلي جي فراهمي کي بهتر بڻائڻ لاءِ نوان منصوبا شروع ڪيا ويندا، عوامي نمائندن چيو ته ماڻهن جا مسئلا حل ڪرڻ لاءِ هر ممڪن ڪوشش ڪئي ويندي ۽ ڪنهن به قسم جي غفلت برداشت نه ڪئي ويندي، شهرين مطالبو ڪيو ته روڊن جي مرمت، صفائي سٿرائي ۽ اسپتالن ۾ دوائن جي فراهمي کي يقيني بڻايو وڃي.
سنڌي ڪلچر
هن موقعي تي ضلعي انتظاميه طرفان اعلان ڪيو ويو ته شهر جي مختلف علائقن ۾ پاڻي ۽ بجلي جي فراهمي کي بهتر بڻائڻ لاءِ نوان منصوبا شروع ڪيا ويندا، عوامي نمائندن چيو ته ماڻهن جا مسئلا حل ڪرڻ لاءِ هر ممڪن ڪوشش ڪئي ويندي ۽ ڪنهن به قسم جي غفلت برداشت نه ڪئي ويندي، شهرين مطالبو ڪيو ته روڊن جي مرمت، صفائي سٿرائي ۽ اسپتالن ۾ دوائن جي فراهمي کي يقيني بڻايو وڃي.
هن سلسلي ۾ علائقي جي معززين ۽ سماجي تنظيمن جي نمائندن به شرڪت ڪئي ۽ مطالبو ڪيو ته مسئلن کي جلد حل ڪيو وڃي.
ٽنڊو الهيار
هن موقعي تي ضلعي انتظاميه طرفان اعلان ڪيو ويو ته شهر جي مختلف علائقن ۾ پاڻي ۽ بجلي جي فراهمي کي بهتر بڻائڻ لاءِ نوان منصوبا شروع ڪيا ويندا، عوامي نمائندن چيو ته ماڻهن جا مسئلا حل ڪرڻ لاءِ هر ممڪن ڪوشش ڪئي ويندي ۽ ڪنهن به قسم جي غفلت برداشت نه ڪئي ويندي، شهرين مطالبو ڪيو ته روڊن جي مرمت، صفائي سٿرائي ۽ اسپتالن ۾ دوائن جي فراهمي کي يقيني بڻايو وڃي.
ڪراچي شادي هال
هن موقعي تي ضلعي انتظاميه طرفان اعلان ڪيو ويو ته شهر جي مختلف علائقن ۾ پاڻي ۽ بجلي جي فراهمي کي بهتر بڻائڻ لاءِ نوان منصوبا شروع ڪيا ويندا، عوامي نمائندن چيو ته ماڻهن جا مسئلا حل ڪرڻ لاءِ هر ممڪن ڪوشش ڪئي ويندي ۽ ڪنهن به قسم جي غفلت برداشت نه ڪئي ويندي، شهرين مطالبو ڪيو ته روڊن جي مرمت، صفائي سٿرائي ۽ اسپتالن ۾ دوائن جي فراهمي کي يقيني بڻايو وڃي.
هن سلسلي ۾ علائقي جي معززين ۽ سماجي تنظيمن جي نمائندن به شرڪت ڪئي ۽ مطالبو ڪيو ته مسئلن کي جلد حل ڪيو وڃي.
نوشهرو فيروز
هن موقعي تي ضلعي انتظاميه طرفان اعلان ڪيو ويو ته شهر جي مختلف علائقن ۾ پاڻي ۽ بجلي جي فراهمي کي بهتر بڻائڻ لاءِ نوان منصوبا شروع ڪيا ويندا، عوامي نمائندن چيو ته ماڻهن جا مسئلا حل ڪرڻ لاءِ هر ممڪن ڪوشش ڪئي ويندي ۽ ڪنهن به قسم جي غفلت برداشت نه ڪئي ويندي، شهرين مطالبو ڪيو ته روڊن جي مرمت، صفائي سٿرائي ۽ اسپتالن ۾ دوائن جي فراهمي کي يقيني بڻايو وڃي.
سهيل آفريدي
هن موقعي تي ضلعي انتظاميه طرفان اعلان ڪيو ويو ته شهر جي مختلف علائقن ۾ پاڻي ۽ بجلي جي فراهمي کي بهتر بڻائڻ لاءِ نوان منصوبا شروع ڪيا ويندا، عوامي نمائندن چيو ته ماڻهن جا مسئلا حل ڪرڻ لاءِ هر ممڪن ڪوشش ڪئي ويندي ۽ ڪنهن به قسم جي غفلت برداشت نه ڪئي ويندي، شهرين مطالبو ڪيو ته روڊن جي مرمت، صفائي سٿرائي ۽ اسپتالن ۾ دوائن جي فراهمي کي يقيني بڻايو وڃي.
هن سلسلي ۾ علائقي جي معززين ۽ سماجي تنظيمن جي نمائندن به شرڪت ڪئي ۽ مطالبو ڪيو ته مسئلن کي جلد حل ڪيو وڃي.
ڪورٽ نوٽيس
آڪر محترم محمد مراد مبين (مڇ)
هر خاص و عام کي اطلاع ڏجي ٿو ته درخواستگذار طرفان عدالت ۾ ڪيس داخل ڪيو ويو آهي، جنهن جي ٻڌڻي مقرر ٿيل تاريخ تي ٿيندي، ڪنهن کي به اعتراض هجي ته اهو مقرر وقت تي عدالت ۾ حاضر ٿي پنهنجو اعتراض داخل ڪري، ٻي صورت ۾ ڪارروائي يڪطرفي طور تي ڪئي ويندي. سول ڪيس نمبر 2025 ، بحڪم عدالت.
هر خاص و عام کي اطلاع ڏجي ٿو ته درخواستگذار طرفان عدالت ۾ ڪيس داخل ڪيو ويو آهي، جنهن جي ٻڌڻي مقرر ٿيل تاريخ تي ٿيندي، ڪنهن کي به اعتراض هجي ته اهو مقرر وقت تي عدالت ۾ حاضر ٿي پنهنجو اعتراض داخل ڪري، ٻي صورت ۾ ڪارروائي يڪطرفي طور تي ڪئي ويندي. سول ڪيس نمبر 2025 ، بحڪم عدالت.
سينيئر سول جج بينچ ڪورٽ ۽ عدالت، شهيد بينظيرآباد
ڪورٽ نوٽيس
آڪر محترم محمد مراد مبين (مڇ)
هر خاص و عام کي اطلاع ڏجي ٿو ته درخواستگذار طرفان عدالت ۾ ڪيس داخل ڪيو ويو آهي، جنهن جي ٻڌڻي مقرر ٿيل تاريخ تي ٿيندي، ڪنهن کي به اعتراض هجي ته اهو مقرر وقت تي عدالت ۾ حاضر ٿي پنهنجو اعتراض داخل ڪري، ٻي صورت ۾ ڪارروائي يڪطرفي طور تي ڪئي ويندي. سول ڪيس نمبر 2025 ، بحڪم عدالت.
هر خاص و عام کي اطلاع ڏجي ٿو ته درخواستگذار طرفان عدالت ۾ ڪيس داخل ڪيو ويو آهي، جنهن جي ٻڌڻي مقرر ٿيل تاريخ تي ٿيندي، ڪنهن کي به اعتراض هجي ته اهو مقرر وقت تي عدالت ۾ حاضر ٿي پنهنجو اعتراض داخل ڪري، ٻي صورت ۾ ڪارروائي يڪطرفي طور تي ڪئي ويندي. سول ڪيس نمبر 2025 ، بحڪم عدالت.
سينيئر سول جج بينچ ڪورٽ ۽ عدالت، شهيد بينظيرآباد
عام اطلاع
هر خاص و عام کي اطلاع ڏجي ٿو ته منهنجو اصل شناختي ڪارڊ ۽ ٻيا ضروري ڪاغذ گم ٿي ويا آهن، جيڪڏهن ڪنهن کي ملن ته مهرباني ڪري هيٺ ڏنل پتي تي پهچائي، ٻي صورت ۾ ڪنهن به غلط استعمال جو ذميوار نه هوندس.
هن موقعي تي ضلعي انتظاميه طرفان اعلان ڪيو ويو ته شهر جي مختلف علائقن ۾ پاڻي ۽ بجلي جي فراهمي کي بهتر بڻائڻ لاءِ نوان منصوبا شروع ڪيا ويندا، عوامي نمائندن چيو ته ماڻهن جا مسئلا حل ڪرڻ لاءِ هر ممڪن ڪوشش ڪئي ويندي ۽ ڪنهن به قسم جي غفلت برداشت نه ڪئي ويندي، شهرين مطالبو ڪيو ته روڊن جي مرمت، صفائي سٿرائي ۽ اسپتالن ۾ دوائن جي فراهمي کي يقيني بڻايو وڃي.
ڪورٽ نوٽيس
آڪر محترم محمد مراد مبين (مڇ)
هر خاص و عام کي اطلاع ڏجي ٿو ته درخواستگذار طرفان عدالت ۾ ڪيس داخل ڪيو ويو آهي، جنهن جي ٻڌڻي مقرر ٿيل تاريخ تي ٿيندي، ڪنهن کي به اعتراض هجي ته اهو مقرر وقت تي عدالت ۾ حاضر ٿي پنهنجو اعتراض داخل ڪري، ٻي صورت ۾ ڪارروائي يڪطرفي طور تي ڪئي ويندي. سول ڪيس نمبر 2025 ، بحڪم عدالت.
هر خاص و عام کي اطلاع ڏجي ٿو ته درخواستگذار طرفان عدالت ۾ ڪيس داخل ڪيو ويو آهي، جنهن جي ٻڌڻي مقرر ٿيل تاريخ تي ٿيندي، ڪنهن کي به اعتراض هجي ته اهو مقرر وقت تي عدالت ۾ حاضر ٿي پنهنجو اعتراض داخل ڪري، ٻي صورت ۾ ڪارروائي يڪطرفي طور تي ڪئي ويندي. سول ڪيس نمبر 2025 ، بحڪم عدالت.
سينيئر سول جج بينچ ڪورٽ ۽ عدالت، شهيد بينظيرآباد
عام اطلاع
هر خاص و عام کي اطلاع ڏجي ٿو ته منهنجو اصل شناختي ڪارڊ ۽ ٻيا ضروري ڪاغذ گم ٿي ويا آهن، جيڪڏهن ڪنهن کي ملن ته مهرباني ڪري هيٺ ڏنل پتي تي پهچائي، ٻي صورت ۾ ڪنهن به غلط استعمال جو ذميوار نه هوندس.
هن موقعي تي ضلعي انتظاميه طرفان اعلان ڪيو ويو ته شهر جي مختلف علائقن ۾ پاڻي ۽ بجلي جي فراهمي کي بهتر بڻائڻ لاءِ نوان منصوبا شروع ڪيا ويندا، عوامي نمائندن چيو ته ماڻهن جا مسئلا حل ڪرڻ لاءِ هر ممڪن ڪوشش ڪئي ويندي ۽ ڪنهن به قسم جي غفلت برداشت نه ڪئي ويندي، شهرين مطالبو ڪيو ته روڊن جي مرمت، صفائي سٿرائي ۽ اسپتالن ۾ دوائن جي فراهمي کي يقيني بڻايو وڃي.
ڪورٽ نوٽيس
آڪر محترم محمد مراد مبين (مڇ)
هر خاص و عام کي اطلاع ڏجي ٿو ته درخواستگذار طرفان عدالت ۾ ڪيس داخل ڪيو ويو آهي، جنهن جي ٻڌڻي مقرر ٿيل تاريخ تي ٿيندي، ڪنهن کي به اعتراض هجي ته اهو مقرر وقت تي عدالت ۾ حاضر ٿي پنهنجو اعتراض داخل ڪري، ٻي صورت ۾ ڪارروائي يڪطرفي طور تي ڪئي ويندي. سول ڪيس نمبر 2025 ، بحڪم عدالت.
هر خاص و عام کي اطلاع ڏجي ٿو ته درخواستگذار طرفان عدالت ۾ ڪيس داخل ڪيو ويو آهي، جنهن جي ٻڌڻي مقرر ٿيل تاريخ تي ٿيندي، ڪنهن کي به اعتراض هجي ته اهو مقرر وقت تي عدالت ۾ حاضر ٿي پنهنجو اعتراض داخل ڪري، ٻي صورت ۾ ڪارروائي يڪطرفي طور تي ڪئي ويندي. سول ڪيس نمبر 2025 ، بحڪم عدالت.
سينيئر سول جج بينچ ڪورٽ ۽ عدالت، شهيد بينظيرآباد
ڪورٽ نوٽيس
آڪر محترم محمد مراد مبين (مڇ)
هر خاص و عام کي اطلاع ڏجي ٿو ته درخواستگذار طرفان عدالت ۾ ڪيس داخل ڪيو ويو آهي، جنهن جي ٻڌڻي مقرر ٿيل تاريخ تي ٿيندي، ڪنهن کي به اعتراض هجي ته اهو مقرر وقت تي عدالت ۾ حاضر ٿي پنهنجو اعتراض داخل ڪري، ٻي صورت ۾ ڪارروائي يڪطرفي طور تي ڪئي ويندي. سول ڪيس نمبر 2025 ، بحڪم عدالت.
هر خاص و عام کي اطلاع ڏجي ٿو ته درخواستگذار طرفان عدالت ۾ ڪيس داخل ڪيو ويو آهي، جنهن جي ٻڌڻي مقرر ٿيل تاريخ تي ٿيندي، ڪنهن کي به اعتراض هجي ته اهو مقرر وقت تي عدالت ۾ حاضر ٿي پنهنجو اعتراض داخل ڪري، ٻي صورت ۾ ڪارروائي يڪطرفي طور تي ڪئي ويندي. سول ڪيس نمبر 2025 ، بحڪم عدالت.
سينيئر سول جج بينچ ڪورٽ ۽ عدالت، شهيد بينظيرآباد
ڪورٽ نوٽيس
آڪر محترم محمد مراد مبين (مڇ)
هر خاص و عام کي اطلاع ڏجي ٿو ته درخواستگذار طرفان عدالت ۾ ڪيس داخل ڪيو ويو آهي، جنهن جي ٻڌڻي مقرر ٿيل تاريخ تي ٿيندي، ڪنهن کي به اعتراض هجي ته اهو مقرر وقت تي عدالت ۾ حاضر ٿي پنهنجو اعتراض داخل ڪري، ٻي صورت ۾ ڪارروائي يڪطرفي طور تي ڪئي ويندي. سول ڪيس نمبر 2025 ، بحڪم عدالت.
هر خاص و عام کي اطلاع ڏجي ٿو ته درخواستگذار طرفان عدالت ۾ ڪيس داخل ڪيو ويو آهي، جنهن جي ٻڌڻي مقرر ٿيل تاريخ تي ٿيندي، ڪنهن کي به اعتراض هجي ته اهو مقرر وقت تي عدالت ۾ حاضر ٿي پنهنجو اعتراض داخل ڪري، ٻي صورت ۾ ڪارروائي يڪطرفي طور تي ڪئي ويندي. سول ڪيس نمبر 2025 ، بحڪم عدالت.
سينيئر سول جج بينچ ڪورٽ ۽ عدالت، شهيد بينظيرآباد
ڪورٽ نوٽيس
آڪر محترم محمد مراد مبين (مڇ)
هر خاص و عام کي اطلاع ڏجي ٿو ته درخواستگذار طرفان عدالت ۾ ڪيس داخل ڪيو ويو آهي، جنهن جي ٻڌڻي مقرر ٿيل تاريخ تي ٿيندي، ڪنهن کي به اعتراض هجي ته اهو مقرر وقت تي عدالت ۾ حاضر ٿي پنهنجو اعتراض داخل ڪري، ٻي صورت ۾ ڪارروائي يڪطرفي طور تي ڪئي ويندي. سول ڪيس نمبر 2025 ، بحڪم عدالت.
هر خاص و عام کي اطلاع ڏجي ٿو ته درخواستگذار طرفان عدالت ۾ ڪيس داخل ڪيو ويو آهي، جنهن جي ٻڌڻي مقرر ٿيل تاريخ تي ٿيندي، ڪنهن کي به اعتراض هجي ته اهو مقرر وقت تي عدالت ۾ حاضر ٿي پنهنجو اعتراض داخل ڪري، ٻي صورت ۾ ڪارروائي يڪطرفي طور تي ڪئي ويندي. سول ڪيس نمبر 2025 ، بحڪم عدالت.
سينيئر سول جج بينچ ڪورٽ ۽ عدالت، شهيد بينظيرآباد
عام اطلاع
هر خاص و عام کي اطلاع ڏجي ٿو ته منهنجو اصل شناختي ڪارڊ ۽ ٻيا ضروري ڪاغذ گم ٿي ويا آهن، جيڪڏهن ڪنهن کي ملن ته مهرباني ڪري هيٺ ڏنل پتي تي پهچائي، ٻي صورت ۾ ڪنهن به غلط استعمال جو ذميوار نه هوندس.
هن موقعي تي ضلعي انتظاميه طرفان اعلان ڪيو ويو ته شهر جي مختلف علائقن ۾ پاڻي ۽ بجلي جي فراهمي کي بهتر بڻائڻ لاءِ نوان منصوبا شروع ڪيا ويندا، عوامي نمائندن چيو ته ماڻهن جا مسئلا حل ڪرڻ لاءِ هر ممڪن ڪوشش ڪئي ويندي ۽ ڪنهن به قسم جي غفلت برداشت نه ڪئي ويندي، شهرين مطالبو ڪيو ته روڊن جي مرمت، صفائي سٿرائي ۽ اسپتالن ۾ دوائن جي فراهمي کي يقيني بڻايو وڃي.
ڪورٽ نوٽيس
آڪر محترم محمد مراد مبين (مڇ)
هر خاص و عام کي اطلاع ڏجي ٿو ته درخواستگذار طرفان عدالت ۾ ڪيس داخل ڪيو ويو آهي، جنهن جي ٻڌڻي مقرر ٿيل تاريخ تي ٿيندي، ڪنهن کي به اعتراض هجي ته اهو مقرر وقت تي عدالت ۾ حاضر ٿي پنهنجو اعتراض داخل ڪري، ٻي صورت ۾ ڪارروائي يڪطرفي طور تي ڪئي ويندي. سول ڪيس نمبر 2025 ، بحڪم عدالت.
هر خاص و عام کي اطلاع ڏجي ٿو ته درخواستگذار طرفان عدالت ۾ ڪيس داخل ڪيو ويو آهي، جنهن جي ٻڌڻي مقرر ٿيل تاريخ تي ٿيندي، ڪنهن کي به اعتراض هجي ته اهو مقرر وقت تي عدالت ۾ حاضر ٿي پنهنجو اعتراض داخل ڪري، ٻي صورت ۾ ڪارروائي يڪطرفي طور تي ڪئي ويندي. سول ڪيس نمبر 2025 ، بحڪم عدالت.
سينيئر سول جج بينچ ڪورٽ ۽ عدالت، شهيد بينظيرآباد
عام اطلاع
هر خاص و عام کي اطلاع ڏجي ٿو ته منهنجو اصل شناختي ڪارڊ ۽ ٻيا ضروري ڪاغذ گم ٿي ويا آهن، جيڪڏهن ڪنهن کي ملن ته مهرباني ڪري هيٺ ڏنل پتي تي پهچائي، ٻي صورت ۾ ڪنهن به غلط استعمال جو ذميوار نه هوندس.
هن موقعي تي ضلعي انتظاميه طرفان اعلان ڪيو ويو ته شهر جي مختلف علائقن ۾ پاڻي ۽ بجلي جي فراهمي کي بهتر بڻائڻ لاءِ نوان منصوبا شروع ڪيا ويندا، عوامي نمائندن چيو ته ماڻهن جا مسئلا حل ڪرڻ لاءِ هر ممڪن ڪوشش ڪئي ويندي ۽ ڪنهن به قسم جي غفلت برداشت نه ڪئي ويندي، شهرين مطالبو ڪيو ته روڊن جي مرمت، صفائي سٿرائي ۽ اسپتالن ۾ دوائن جي فراهمي کي يقيني بڻايو وڃي.
ڪورٽ نوٽيس
آڪر محترم محمد مراد مبين (مڇ)
هر خاص و عام کي اطلاع ڏجي ٿو ته درخواستگذار طرفان عدالت ۾ ڪيس داخل ڪيو ويو آهي، جنهن جي ٻڌڻي مقرر ٿيل تاريخ تي ٿيندي، ڪنهن کي به اعتراض هجي ته اهو مقرر وقت تي عدالت ۾ حاضر ٿي پنهنجو اعتراض داخل ڪري، ٻي صورت ۾ ڪارروائي يڪطرفي طور تي ڪئي ويندي. سول ڪيس نمبر 2025 ، بحڪم عدالت.
هر خاص و عام کي اطلاع ڏجي ٿو ته درخواستگذار طرفان عدالت ۾ ڪيس داخل ڪيو ويو آهي، جنهن جي ٻڌڻي مقرر ٿيل تاريخ تي ٿيندي، ڪنهن کي به اعتراض هجي ته اهو مقرر وقت تي عدالت ۾ حاضر ٿي پنهنجو اعتراض داخل ڪري، ٻي صورت ۾ ڪارروائي يڪطرفي طور تي ڪئي ويندي. سول ڪيس نمبر 2025 ، بحڪم عدالت.
سينيئر سول جج بينچ ڪورٽ ۽ عدالت، شهيد بينظيرآباد
ڪورٽ نوٽيس
آڪر محترم محمد مراد مبين (مڇ)
هر خاص و عام کي اطلاع ڏجي ٿو ته درخواستگذار طرفان عدالت ۾ ڪيس داخل ڪيو ويو آهي، جنهن جي ٻڌڻي مقرر ٿيل تاريخ تي ٿيندي، ڪنهن کي به اعتراض هجي ته اهو مقرر وقت تي عدالت ۾ حاضر ٿي پنهنجو اعتراض داخل ڪري، ٻي صورت ۾ ڪارروائي يڪطرفي طور تي ڪئي ويندي. سول ڪيس نمبر 2025 ، بحڪم عدالت.
هر خاص و عام کي اطلاع ڏجي ٿو ته درخواستگذار طرفان عدالت ۾ ڪيس داخل ڪيو ويو آهي، جنهن جي ٻڌڻي مقرر ٿيل تاريخ تي ٿيندي، ڪنهن کي به اعتراض هجي ته اهو مقرر وقت تي عدالت ۾ حاضر ٿي پنهنجو اعتراض داخل ڪري، ٻي صورت ۾ ڪارروائي يڪطرفي طور تي ڪئي ويندي. سول ڪيس نمبر 2025 ، بحڪم عدالت.
سينيئر سول جج بينچ ڪورٽ ۽ عدالت، شهيد بينظيرآباد
ڪورٽ نوٽيس
آڪر محترم محمد مراد مبين (مڇ)
هر خاص و عام کي اطلاع ڏجي ٿو ته درخواستگذار طرفان عدالت ۾ ڪيس داخل ڪيو ويو آهي، جنهن جي ٻڌڻي مقرر ٿيل تاريخ تي ٿيندي، ڪنهن کي به اعتراض هجي ته اهو مقرر وقت تي عدالت ۾ حاضر ٿي پنهنجو اعتراض داخل ڪري، ٻي صورت ۾ ڪارروائي يڪطرفي طور تي ڪئي ويندي. سول ڪيس نمبر 2025 ، بحڪم عدالت.
هر خاص و عام کي اطلاع ڏجي ٿو ته درخواستگذار طرفان عدالت ۾ ڪيس داخل ڪيو ويو آهي، جنهن جي ٻڌڻي مقرر ٿيل تاريخ تي ٿيندي، ڪنهن کي به اعتراض هجي ته اهو مقرر وقت تي عدالت ۾ حاضر ٿي پنهنجو اعتراض داخل ڪري، ٻي صورت ۾ ڪارروائي يڪطرفي طور تي ڪئي ويندي. سول ڪيس نمبر 2025 ، بحڪم عدالت.
سينيئر سول جج بينچ ڪورٽ ۽ عدالت، شهيد بينظيرآباد
ڪورٽ نوٽيس
آڪر محترم محمد مراد مبين (مڇ)
هر خاص و عام کي اطلاع ڏجي ٿو ته درخواستگذار طرفان عدالت ۾ ڪيس داخل ڪيو ويو آهي، جنهن جي ٻڌڻي مقرر ٿيل تاريخ تي ٿيندي، ڪنهن کي به اعتراض هجي ته اهو مقرر وقت تي عدالت ۾ حاضر ٿي پنهنجو اعتراض داخل ڪري، ٻي صورت ۾ ڪارروائي يڪطرفي طور تي ڪئي ويندي. سول ڪيس نمبر 2025 ، بحڪم عدالت.
هر خاص و عام کي اطلاع ڏجي ٿو ته درخواستگذار طرفان عدالت ۾ ڪيس داخل ڪيو ويو آهي، جنهن جي ٻڌڻي مقرر ٿيل تاريخ تي ٿيندي، ڪنهن کي به اعتراض هجي ته اهو مقرر وقت تي عدالت ۾ حاضر ٿي پنهنجو اعتراض داخل ڪري، ٻي صورت ۾ ڪارروائي يڪطرفي طور تي ڪئي ويندي. سول ڪيس نمبر 2025 ، بحڪم عدالت.
سينيئر سول جج بينچ ڪورٽ ۽ عدالت، شهيد بينظيرآباد
ڪورٽ نوٽيس
آڪر محترم محمد مراد مبين (مڇ)
هر خاص و عام کي اطلاع ڏجي ٿو ته درخواستگذار طرفان عدالت ۾ ڪيس داخل ڪيو ويو آهي، جنهن جي ٻڌڻي مقرر ٿيل تاريخ تي ٿيندي، ڪنهن کي به اعتراض هجي ته اهو مقرر وقت تي عدالت ۾ حاضر ٿي پنهنجو اعتراض داخل ڪري، ٻي صورت ۾ ڪارروائي يڪطرفي طور تي ڪئي ويندي. سول ڪيس نمبر 2025 ، بحڪم عدالت.
هر خاص و عام کي اطلاع ڏجي ٿو ته درخواستگذار طرفان عدالت ۾ ڪيس داخل ڪيو ويو آهي، جنهن جي ٻڌڻي مقرر ٿيل تاريخ تي ٿيندي، ڪنهن کي به اعتراض هجي ته اهو مقرر وقت تي عدالت ۾ حاضر ٿي پنهنجو اعتراض داخل ڪري، ٻي صورت ۾ ڪارروائي يڪطرفي طور تي ڪئي ويندي. سول ڪيس نمبر 2025 ، بحڪم عدالت.
سينيئر سول جج بينچ ڪورٽ ۽ عدالت، شهيد بينظيرآباد
ڪورٽ نوٽيس
آڪر محترم محمد مراد مبين (مڇ)
هر خاص و عام کي اطلاع ڏجي ٿو ته درخواستگذار طرفان عدالت ۾ ڪيس داخل ڪيو ويو آهي، جنهن جي ٻڌڻي مقرر ٿيل تاريخ تي ٿيندي، ڪنهن کي به اعتراض هجي ته اهو مقرر وقت تي عدالت ۾ حاضر ٿي پنهنجو اعتراض داخل ڪري، ٻي صورت ۾ ڪارروائي يڪطرفي طور تي ڪئي ويندي. سول ڪيس نمبر 2025 ، بحڪم عدالت.
هر خاص و عام کي اطلاع ڏجي ٿو ته درخواستگذار طرفان عدالت ۾ ڪيس داخل ڪيو ويو آهي، جنهن جي ٻڌڻي مقرر ٿيل تاريخ تي ٿيندي، ڪنهن کي به اعتراض هجي ته اهو مقرر وقت تي عدالت ۾ حاضر ٿي پنهنجو اعتراض داخل ڪري، ٻي صورت ۾ ڪارروائي يڪطرفي طور تي ڪئي ويندي. سول ڪيس نمبر 2025 ، بحڪم عدالت.
سينيئر سول جج بينچ ڪورٽ ۽ عدالت، شهيد بينظيرآباد
ڪورٽ نوٽيس
آڪر محترم محمد مراد مبين (مڇ)
هر خاص و عام کي اطلاع ڏجي ٿو ته درخواستگذار طرفان عدالت ۾ ڪيس داخل ڪيو ويو آهي، جنهن جي ٻڌڻي مقرر ٿيل تاريخ تي ٿيندي، ڪنهن کي به اعتراض هجي ته اهو مقرر وقت تي عدالت ۾ حاضر ٿي پنهنجو اعتراض داخل ڪري، ٻي صورت ۾ ڪارروائي يڪطرفي طور تي ڪئي ويندي. سول ڪيس نمبر 2025 ، بحڪم عدالت.
هر خاص و عام کي اطلاع ڏجي ٿو ته درخواستگذار طرفان عدالت ۾ ڪيس داخل ڪيو ويو آهي، جنهن جي ٻڌڻي مقرر ٿيل تاريخ تي ٿيندي، ڪنهن کي به اعتراض هجي ته اهو مقرر وقت تي عدالت ۾ حاضر ٿي پنهنجو اعتراض داخل ڪري، ٻي صورت ۾ ڪارروائي يڪطرفي طور تي ڪئي ويندي. سول ڪيس نمبر 2025 ، بحڪم عدالت.
سينيئر سول جج بينچ ڪورٽ ۽ عدالت، شهيد بينظيرآباد
لاتعلقي جو اظهار
آئون اعلان ڪريان ٿو ته منهنجو پٽ منهنجي نافرماني ڪري ٿو، ان سان منهنجو ڪو به واسطو ناهي، ان جي ڪنهن به ڏي وٺ جو آئون ذميوار نه آهيان.
هن موقعي تي ضلعي انتظاميه طرفان اعلان ڪيو ويو ته شهر جي مختلف علائقن ۾ پاڻي ۽ بجلي جي فراهمي کي بهتر بڻائڻ لاءِ نوان منصوبا شروع ڪيا ويندا، عوامي نمائندن چيو ته ماڻهن جا مسئلا حل ڪرڻ لاءِ هر ممڪن ڪوشش ڪئي ويندي ۽ ڪنهن به قسم جي غفلت برداشت نه ڪئي ويندي، شهرين مطالبو ڪيو ته روڊن جي مرمت، صفائي سٿرائي ۽ اسپتالن ۾ دوائن جي فراهمي کي يقيني بڻايو وڃي.
عام اطلاع
هر خاص و عام کي اطلاع ڏجي ٿو ته منهنجو اصل شناختي ڪارڊ ۽ ٻيا ضروري ڪاغذ گم ٿي ويا آهن، جيڪڏهن ڪنهن کي ملن ته مهرباني ڪري هيٺ ڏنل پتي تي پهچائي، ٻي صورت ۾ ڪنهن به غلط استعمال جو ذميوار نه هوندس.
هن موقعي تي ضلعي انتظاميه طرفان اعلان ڪيو ويو ته شهر جي مختلف علائقن ۾ پاڻي ۽ بجلي جي فراهمي کي بهتر بڻائڻ لاءِ نوان منصوبا شروع ڪيا ويندا، عوامي نمائندن چيو ته ماڻهن جا مسئلا حل ڪرڻ لاءِ هر ممڪن ڪوشش ڪئي ويندي ۽ ڪنهن به قسم جي غفلت برداشت نه ڪئي ويندي، شهرين مطالبو ڪيو ته روڊن جي مرمت، صفائي سٿرائي ۽ اسپتالن ۾ دوائن جي فراهمي کي يقيني بڻايو وڃي.
عام اطلاع
هر خاص و عام کي اطلاع ڏجي ٿو ته منهنجو اصل شناختي ڪارڊ ۽ ٻيا ضروري ڪاغذ گم ٿي ويا آهن، جيڪڏهن ڪنهن کي ملن ته مهرباني ڪري هيٺ ڏنل پتي تي پهچائي، ٻي صورت ۾ ڪنهن به غلط استعمال جو ذميوار نه هوندس.
هن موقعي تي ضلعي انتظاميه طرفان اعلان ڪيو ويو ته شهر جي مختلف علائقن ۾ پاڻي ۽ بجلي جي فراهمي کي بهتر بڻائڻ لاءِ نوان منصوبا شروع ڪيا ويندا، عوامي نمائندن چيو ته ماڻهن جا مسئلا حل ڪرڻ لاءِ هر ممڪن ڪوشش ڪئي ويندي ۽ ڪنهن به قسم جي غفلت برداشت نه ڪئي ويندي، شهرين مطالبو ڪيو ته روڊن جي مرمت، صفائي سٿرائي ۽ اسپتالن ۾ دوائن جي فراهمي کي يقيني بڻايو وڃي.
عام اطلاع
هر خاص و عام کي اطلاع ڏجي ٿو ته منهنجو اصل شناختي ڪارڊ ۽ ٻيا ضروري ڪاغذ گم ٿي ويا آهن، جيڪڏهن ڪنهن کي ملن ته مهرباني ڪري هيٺ ڏنل پتي تي پهچائي، ٻي صورت ۾ ڪنهن به غلط استعمال جو ذميوار نه هوندس.
هن موقعي تي ضلعي انتظاميه طرفان اعلان ڪيو ويو ته شهر جي مختلف علائقن ۾ پاڻي ۽ بجلي جي فراهمي کي بهتر بڻائڻ لاءِ نوان منصوبا شروع ڪيا ويندا، عوامي نمائندن چيو ته ماڻهن جا مسئلا حل ڪرڻ لاءِ هر ممڪن ڪوشش ڪئي ويندي ۽ ڪنهن به قسم جي غفلت برداشت نه ڪئي ويندي، شهرين مطالبو ڪيو ته روڊن جي مرمت، صفائي سٿرائي ۽ اسپتالن ۾ دوائن جي فراهمي کي يقيني بڻايو وڃي.
عام اطلاع
هر خاص و عام کي اطلاع ڏجي ٿو ته منهنجو اصل شناختي ڪارڊ ۽ ٻيا ضروري ڪاغذ گم ٿي ويا آهن، جيڪڏهن ڪنهن کي ملن ته مهرباني ڪري هيٺ ڏنل پتي تي پهچائي، ٻي صورت ۾ ڪنهن به غلط استعمال جو ذميوار نه هوندس.
هن موقعي تي ضلعي انتظاميه طرفان اعلان ڪيو ويو ته شهر جي مختلف علائقن ۾ پاڻي ۽ بجلي جي فراهمي کي بهتر بڻائڻ لاءِ نوان منصوبا شروع ڪيا ويندا، عوامي نمائندن چيو ته ماڻهن جا مسئلا حل ڪرڻ لاءِ هر ممڪن ڪوشش ڪئي ويندي ۽ ڪنهن به قسم جي غفلت برداشت نه ڪئي ويندي، شهرين مطالبو ڪيو ته روڊن جي مرمت، صفائي سٿرائي ۽ اسپتالن ۾ دوائن جي فراهمي کي يقيني بڻايو وڃي.
ڪفالت جي گمشدگي بابت اطلاع
منهنجي ڪفالت جا ڪاغذ ۽ رسيدون ڪٿي گم ٿي ويون آهن، جنهن کي به ملن ته هيٺ ڏنل پتي تي پهچائي. اعتراض ڪندڙ 15 ڏينهن اندر رابطو ڪري.
لاتعلقي جو اظهار
آئون اعلان ڪريان ٿو ته منهنجو پٽ منهنجي نافرماني ڪري ٿو، ان سان منهنجو ڪو به واسطو ناهي، ان جي ڪنهن به ڏي وٺ جو آئون ذميوار نه آهيان.
هن موقعي تي ضلعي انتظاميه طرفان اعلان ڪيو ويو ته شهر جي مختلف علائقن ۾ پاڻي ۽ بجلي جي فراهمي کي بهتر بڻائڻ لاءِ نوان منصوبا شروع ڪيا ويندا، عوامي نمائندن چيو ته ماڻهن جا مسئلا حل ڪرڻ لاءِ هر ممڪن ڪوشش ڪئي ويندي ۽ ڪنهن به قسم جي غفلت برداشت نه ڪئي ويندي، شهرين مطالبو ڪيو ته روڊن جي مرمت، صفائي سٿرائي ۽ اسپتالن ۾ دوائن جي فراهمي کي يقيني بڻايو وڃي.
ڪورٽ نوٽيس
آڪر محترم محمد مراد مبين (مڇ)
هر خاص و عام کي اطلاع ڏجي ٿو ته درخواستگذار طرفان عدالت ۾ ڪيس داخل ڪيو ويو آهي، جنهن جي ٻڌڻي مقرر ٿيل تاريخ تي ٿيندي، ڪنهن کي به اعتراض هجي ته اهو مقرر وقت تي عدالت ۾ حاضر ٿي پنهنجو اعتراض داخل ڪري، ٻي صورت ۾ ڪارروائي يڪطرفي طور تي ڪئي ويندي. سول ڪيس نمبر 2025 ، بحڪم عدالت.
هر خاص و عام کي اطلاع ڏجي ٿو ته درخواستگذار طرفان عدالت ۾ ڪيس داخل ڪيو ويو آهي، جنهن جي ٻڌڻي مقرر ٿيل تاريخ تي ٿيندي، ڪنهن کي به اعتراض هجي ته اهو مقرر وقت تي عدالت ۾ حاضر ٿي پنهنجو اعتراض داخل ڪري، ٻي صورت ۾ ڪارروائي يڪطرفي طور تي ڪئي ويندي. سول ڪيس نمبر 2025 ، بحڪم عدالت.
سينيئر سول جج بينچ ڪورٽ ۽ عدالت، شهيد بينظيرآباد
عام اطلاع
هر خاص و عام کي اطلاع ڏجي ٿو ته ڪمپني جي ملڪيت ۽ پراپرٽي بابت ڪنهن به قسم جي ڏي وٺ ڪرڻ کان اڳ تصديق ڪري وٺي، ٻي صورت ۾ ادارو ذميوار نه هوندو. واسطو: 021-35822339 ، ڪراچي آفيس ، ڪلفٽن بلاڪ 5 ، مين روڊ.
هن موقعي تي ضلعي انتظاميه طرفان اعلان ڪيو ويو ته شهر جي مختلف علائقن ۾ پاڻي ۽ بجلي جي فراهمي کي بهتر بڻائڻ لاءِ نوان منصوبا شروع ڪيا ويندا، عوامي نمائندن چيو ته ماڻهن جا مسئلا حل ڪرڻ لاءِ هر ممڪن ڪوشش ڪئي ويندي ۽ ڪنهن به قسم جي غفلت برداشت نه ڪئي ويندي، شهرين مطالبو ڪيو ته روڊن جي مرمت، صفائي سٿرائي ۽ اسپتالن ۾ دوائن جي فراهمي کي يقيني بڻايو وڃي.
